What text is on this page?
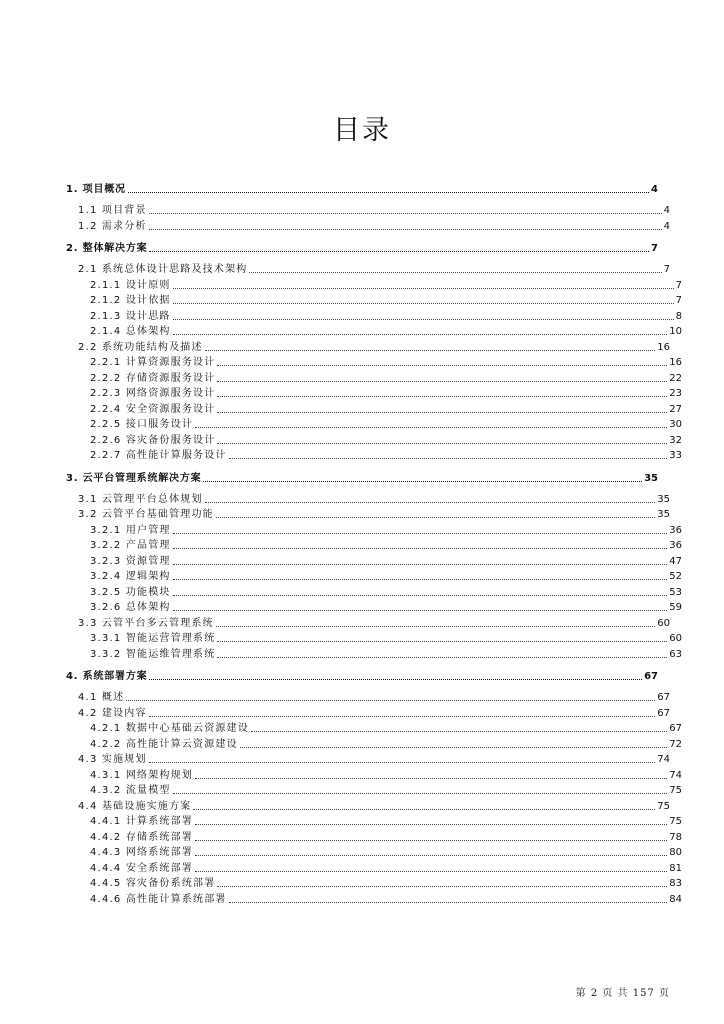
目录
1. 项目概况	4
1.1 项目背景	4
1.2 需求分析	4
2. 整体解决方案	7
2.1 系统总体设计思路及技术架构	7
2.1.1 设计原则	7
2.1.2 设计依据	7
2.1.3 设计思路	8
2.1.4 总体架构	10
2.2 系统功能结构及描述	16
2.2.1 计算资源服务设计	16
2.2.2 存储资源服务设计	22
2.2.3 网络资源服务设计	23
2.2.4 安全资源服务设计	27
2.2.5 接口服务设计	30
2.2.6 容灾备份服务设计	32
2.2.7 高性能计算服务设计	33
3. 云平台管理系统解决方案	35
3.1 云管理平台总体规划	35
3.2 云管平台基础管理功能	35
3.2.1 用户管理	36
3.2.2 产品管理	36
3.2.3 资源管理	47
3.2.4 逻辑架构	52
3.2.5 功能模块	53
3.2.6 总体架构	59
3.3 云管平台多云管理系统	60
3.3.1 智能运营管理系统	60
3.3.2 智能运维管理系统	63
4. 系统部署方案	67
4.1 概述	67
4.2 建设内容	67
4.2.1 数据中心基础云资源建设	67
4.2.2 高性能计算云资源建设	72
4.3 实施规划	74
4.3.1 网络架构规划	74
4.3.2 流量模型	75
4.4 基础设施实施方案	75
4.4.1 计算系统部署	75
4.4.2 存储系统部署	78
4.4.3 网络系统部署	80
4.4.4 安全系统部署	81
4.4.5 容灾备份系统部署	83
4.4.6 高性能计算系统部署	84
第 2 页 共 157 页
